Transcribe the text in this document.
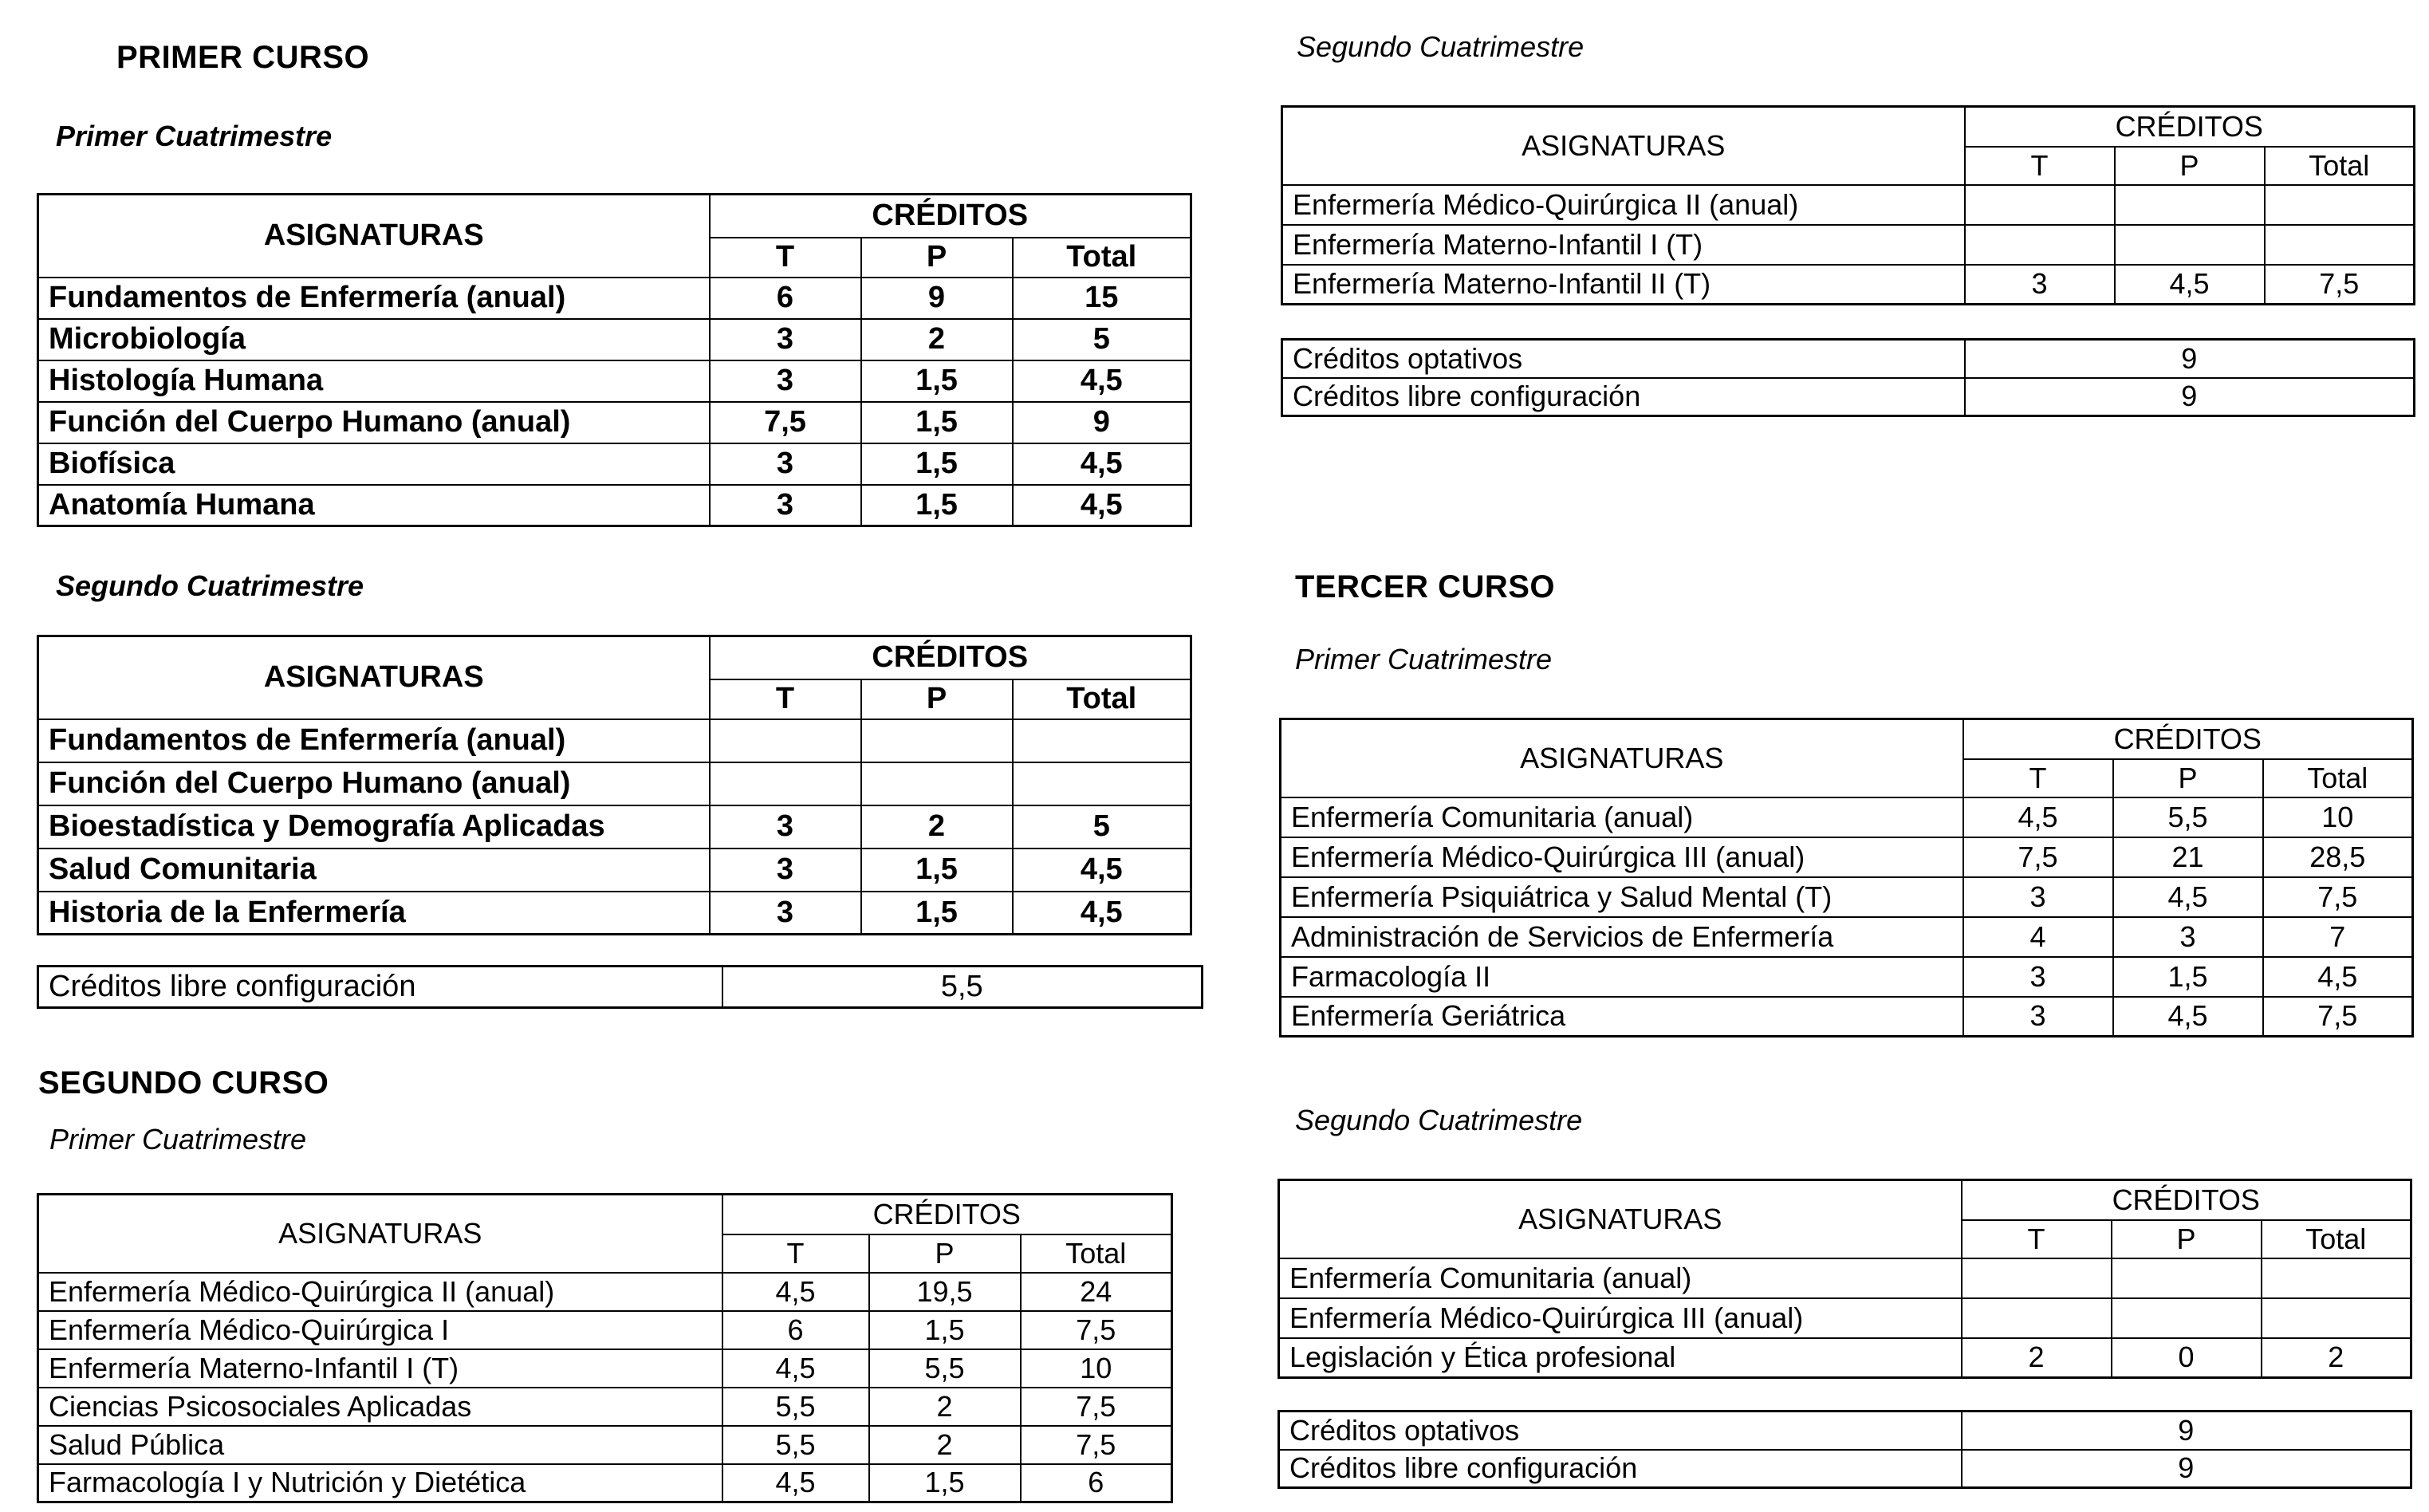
PRIMER CURSO
Primer Cuatrimestre
ASIGNATURAS	CRÉDITOS		
	T	P	Total
Fundamentos de Enfermería (anual)	6	9	15
Microbiología	3	2	5
Histología Humana	3	1,5	4,5
Función del Cuerpo Humano (anual)	7,5	1,5	9
Biofísica	3	1,5	4,5
Anatomía Humana	3	1,5	4,5
Segundo Cuatrimestre
ASIGNATURAS	CRÉDITOS		
	T	P	Total
Fundamentos de Enfermería (anual)			
Función del Cuerpo Humano (anual)			
Bioestadística y Demografía Aplicadas	3	2	5
Salud Comunitaria	3	1,5	4,5
Historia de la Enfermería	3	1,5	4,5
Créditos libre configuración	5,5
SEGUNDO CURSO
Primer Cuatrimestre
ASIGNATURAS	CRÉDITOS		
	T	P	Total
Enfermería Médico-Quirúrgica II (anual)	4,5	19,5	24
Enfermería Médico-Quirúrgica I	6	1,5	7,5
Enfermería Materno-Infantil I (T)	4,5	5,5	10
Ciencias Psicosociales Aplicadas	5,5	2	7,5
Salud Pública	5,5	2	7,5
Farmacología I y Nutrición y Dietética	4,5	1,5	6
Segundo Cuatrimestre
ASIGNATURAS	CRÉDITOS		
	T	P	Total
Enfermería Médico-Quirúrgica II (anual)			
Enfermería Materno-Infantil I (T)			
Enfermería Materno-Infantil II (T)	3	4,5	7,5
Créditos optativos	9
Créditos libre configuración	9
TERCER CURSO
Primer Cuatrimestre
ASIGNATURAS	CRÉDITOS		
	T	P	Total
Enfermería Comunitaria (anual)	4,5	5,5	10
Enfermería Médico-Quirúrgica III (anual)	7,5	21	28,5
Enfermería Psiquiátrica y Salud Mental (T)	3	4,5	7,5
Administración de Servicios de Enfermería	4	3	7
Farmacología II	3	1,5	4,5
Enfermería Geriátrica	3	4,5	7,5
Segundo Cuatrimestre
ASIGNATURAS	CRÉDITOS		
	T	P	Total
Enfermería Comunitaria (anual)			
Enfermería Médico-Quirúrgica III (anual)			
Legislación y Ética profesional	2	0	2
Créditos optativos	9
Créditos libre configuración	9
